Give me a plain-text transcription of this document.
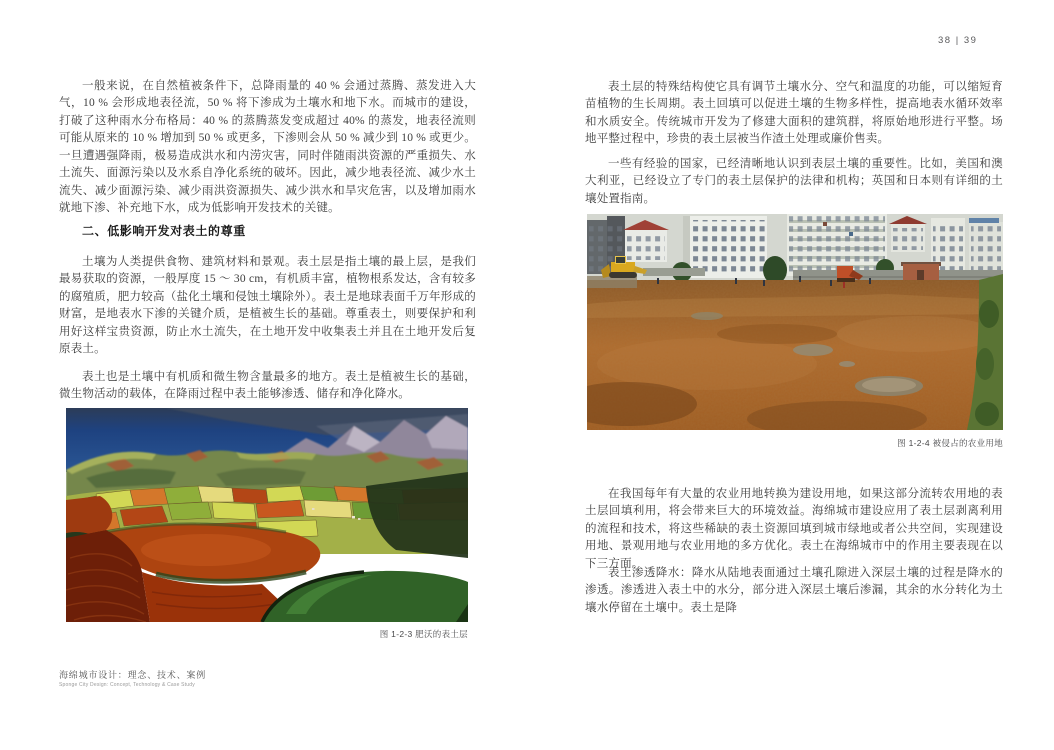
38 | 39

一般来说，在自然植被条件下，总降雨量的 40 % 会通过蒸腾、蒸发进入大气，10 % 会形成地表径流，50 % 将下渗成为土壤水和地下水。而城市的建设，打破了这种雨水分布格局：40 % 的蒸腾蒸发变成超过 40% 的蒸发，地表径流则可能从原来的 10 % 增加到 50 % 或更多，下渗则会从 50 % 减少到 10 % 或更少。一旦遭遇强降雨，极易造成洪水和内涝灾害，同时伴随雨洪资源的严重损失、水土流失、面源污染以及水系自净化系统的破坏。因此，减少地表径流、减少水土流失、减少面源污染、减少雨洪资源损失、减少洪水和旱灾危害，以及增加雨水就地下渗、补充地下水，成为低影响开发技术的关键。

二、低影响开发对表土的尊重

土壤为人类提供食物、建筑材料和景观。表土层是指土壤的最上层，是我们最易获取的资源，一般厚度 15 ～ 30 cm，有机质丰富，植物根系发达，含有较多的腐殖质，肥力较高（盐化土壤和侵蚀土壤除外）。表土是地球表面千万年形成的财富，是地表水下渗的关键介质，是植被生长的基础。尊重表土，则要保护和利用好这样宝贵资源，防止水土流失，在土地开发中收集表土并且在土地开发后复原表土。

表土也是土壤中有机质和微生物含量最多的地方。表土是植被生长的基础，微生物活动的载体，在降雨过程中表土能够渗透、储存和净化降水。

图 1-2-3 肥沃的表土层
海绵城市设计：理念、技术、案例
Sponge City Design: Concept, Technology & Case Study

表土层的特殊结构使它具有调节土壤水分、空气和温度的功能，可以缩短育苗植物的生长周期。表土回填可以促进土壤的生物多样性，提高地表水循环效率和水质安全。传统城市开发为了修建大面积的建筑群，将原始地形进行平整。场地平整过程中，珍贵的表土层被当作渣土处理或廉价售卖。

一些有经验的国家，已经清晰地认识到表层土壤的重要性。比如，美国和澳大利亚，已经设立了专门的表土层保护的法律和机构；英国和日本则有详细的土壤处置指南。

图 1-2-4 被侵占的农业用地

在我国每年有大量的农业用地转换为建设用地，如果这部分流转农用地的表土层回填利用，将会带来巨大的环境效益。海绵城市建设应用了表土层剥离利用的流程和技术，将这些稀缺的表土资源回填到城市绿地或者公共空间，实现建设用地、景观用地与农业用地的多方优化。表土在海绵城市中的作用主要表现在以下三方面。

表土渗透降水：降水从陆地表面通过土壤孔隙进入深层土壤的过程是降水的渗透。渗透进入表土中的水分，部分进入深层土壤后渗漏，其余的水分转化为土壤水停留在土壤中。表土是降
